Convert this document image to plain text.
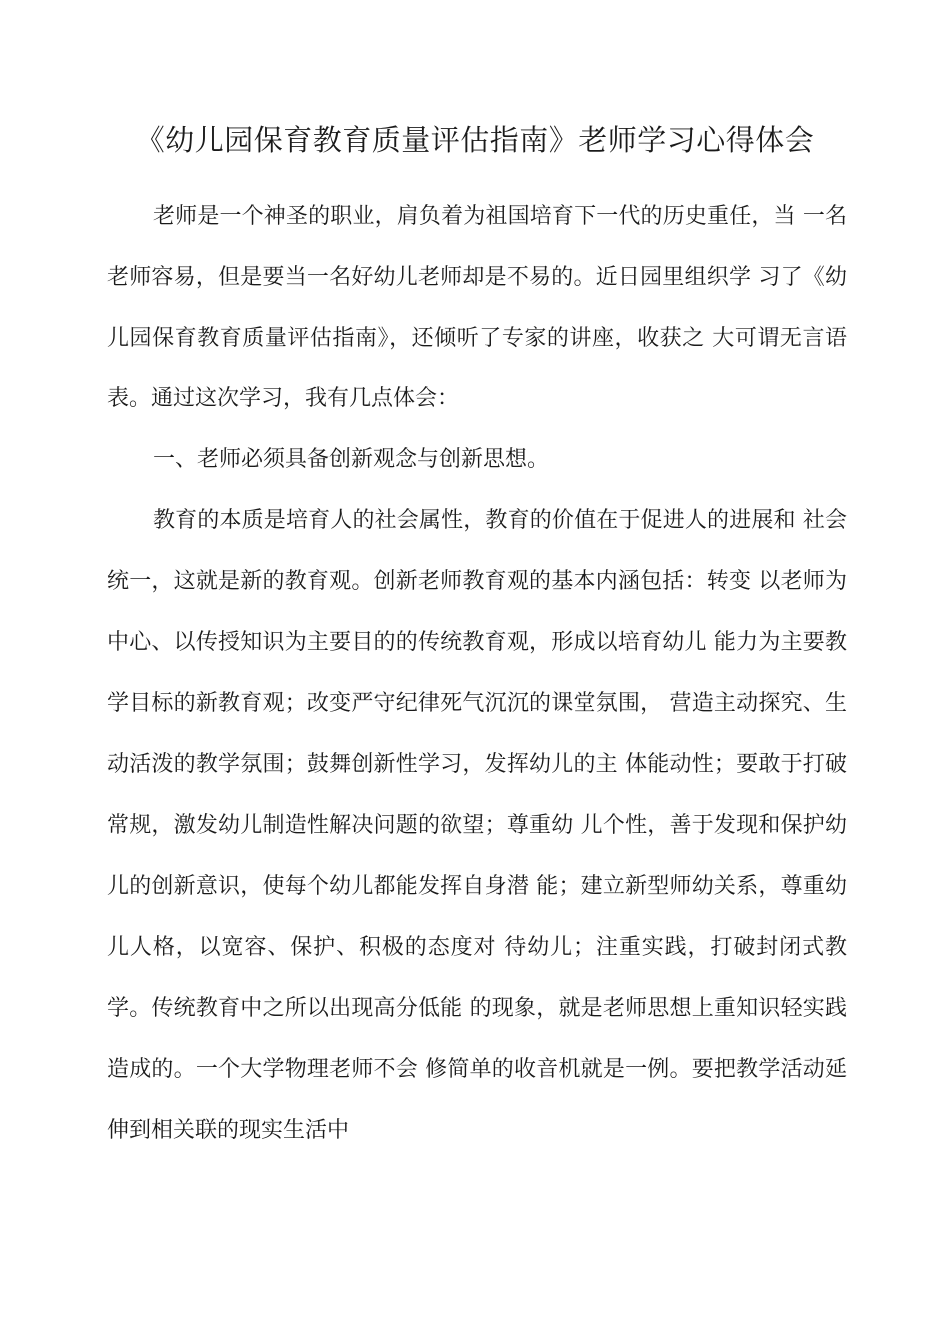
《幼儿园保育教育质量评估指南》老师学习心得体会
老师是一个神圣的职业，肩负着为祖国培育下一代的历史重任，当 一名
老师容易，但是要当一名好幼儿老师却是不易的。近日园里组织学 习了《幼
儿园保育教育质量评估指南》，还倾听了专家的讲座，收获之 大可谓无言语
表。通过这次学习，我有几点体会：
一、老师必须具备创新观念与创新思想。
教育的本质是培育人的社会属性，教育的价值在于促进人的进展和 社会
统一，这就是新的教育观。创新老师教育观的基本内涵包括：转变 以老师为
中心、以传授知识为主要目的的传统教育观，形成以培育幼儿 能力为主要教
学目标的新教育观；改变严守纪律死气沉沉的课堂氛围， 营造主动探究、生
动活泼的教学氛围；鼓舞创新性学习，发挥幼儿的主 体能动性；要敢于打破
常规，激发幼儿制造性解决问题的欲望；尊重幼 儿个性，善于发现和保护幼
儿的创新意识，使每个幼儿都能发挥自身潜 能；建立新型师幼关系，尊重幼
儿人格，以宽容、保护、积极的态度对 待幼儿；注重实践，打破封闭式教
学。传统教育中之所以出现高分低能 的现象，就是老师思想上重知识轻实践
造成的。一个大学物理老师不会 修简单的收音机就是一例。要把教学活动延
伸到相关联的现实生活中
